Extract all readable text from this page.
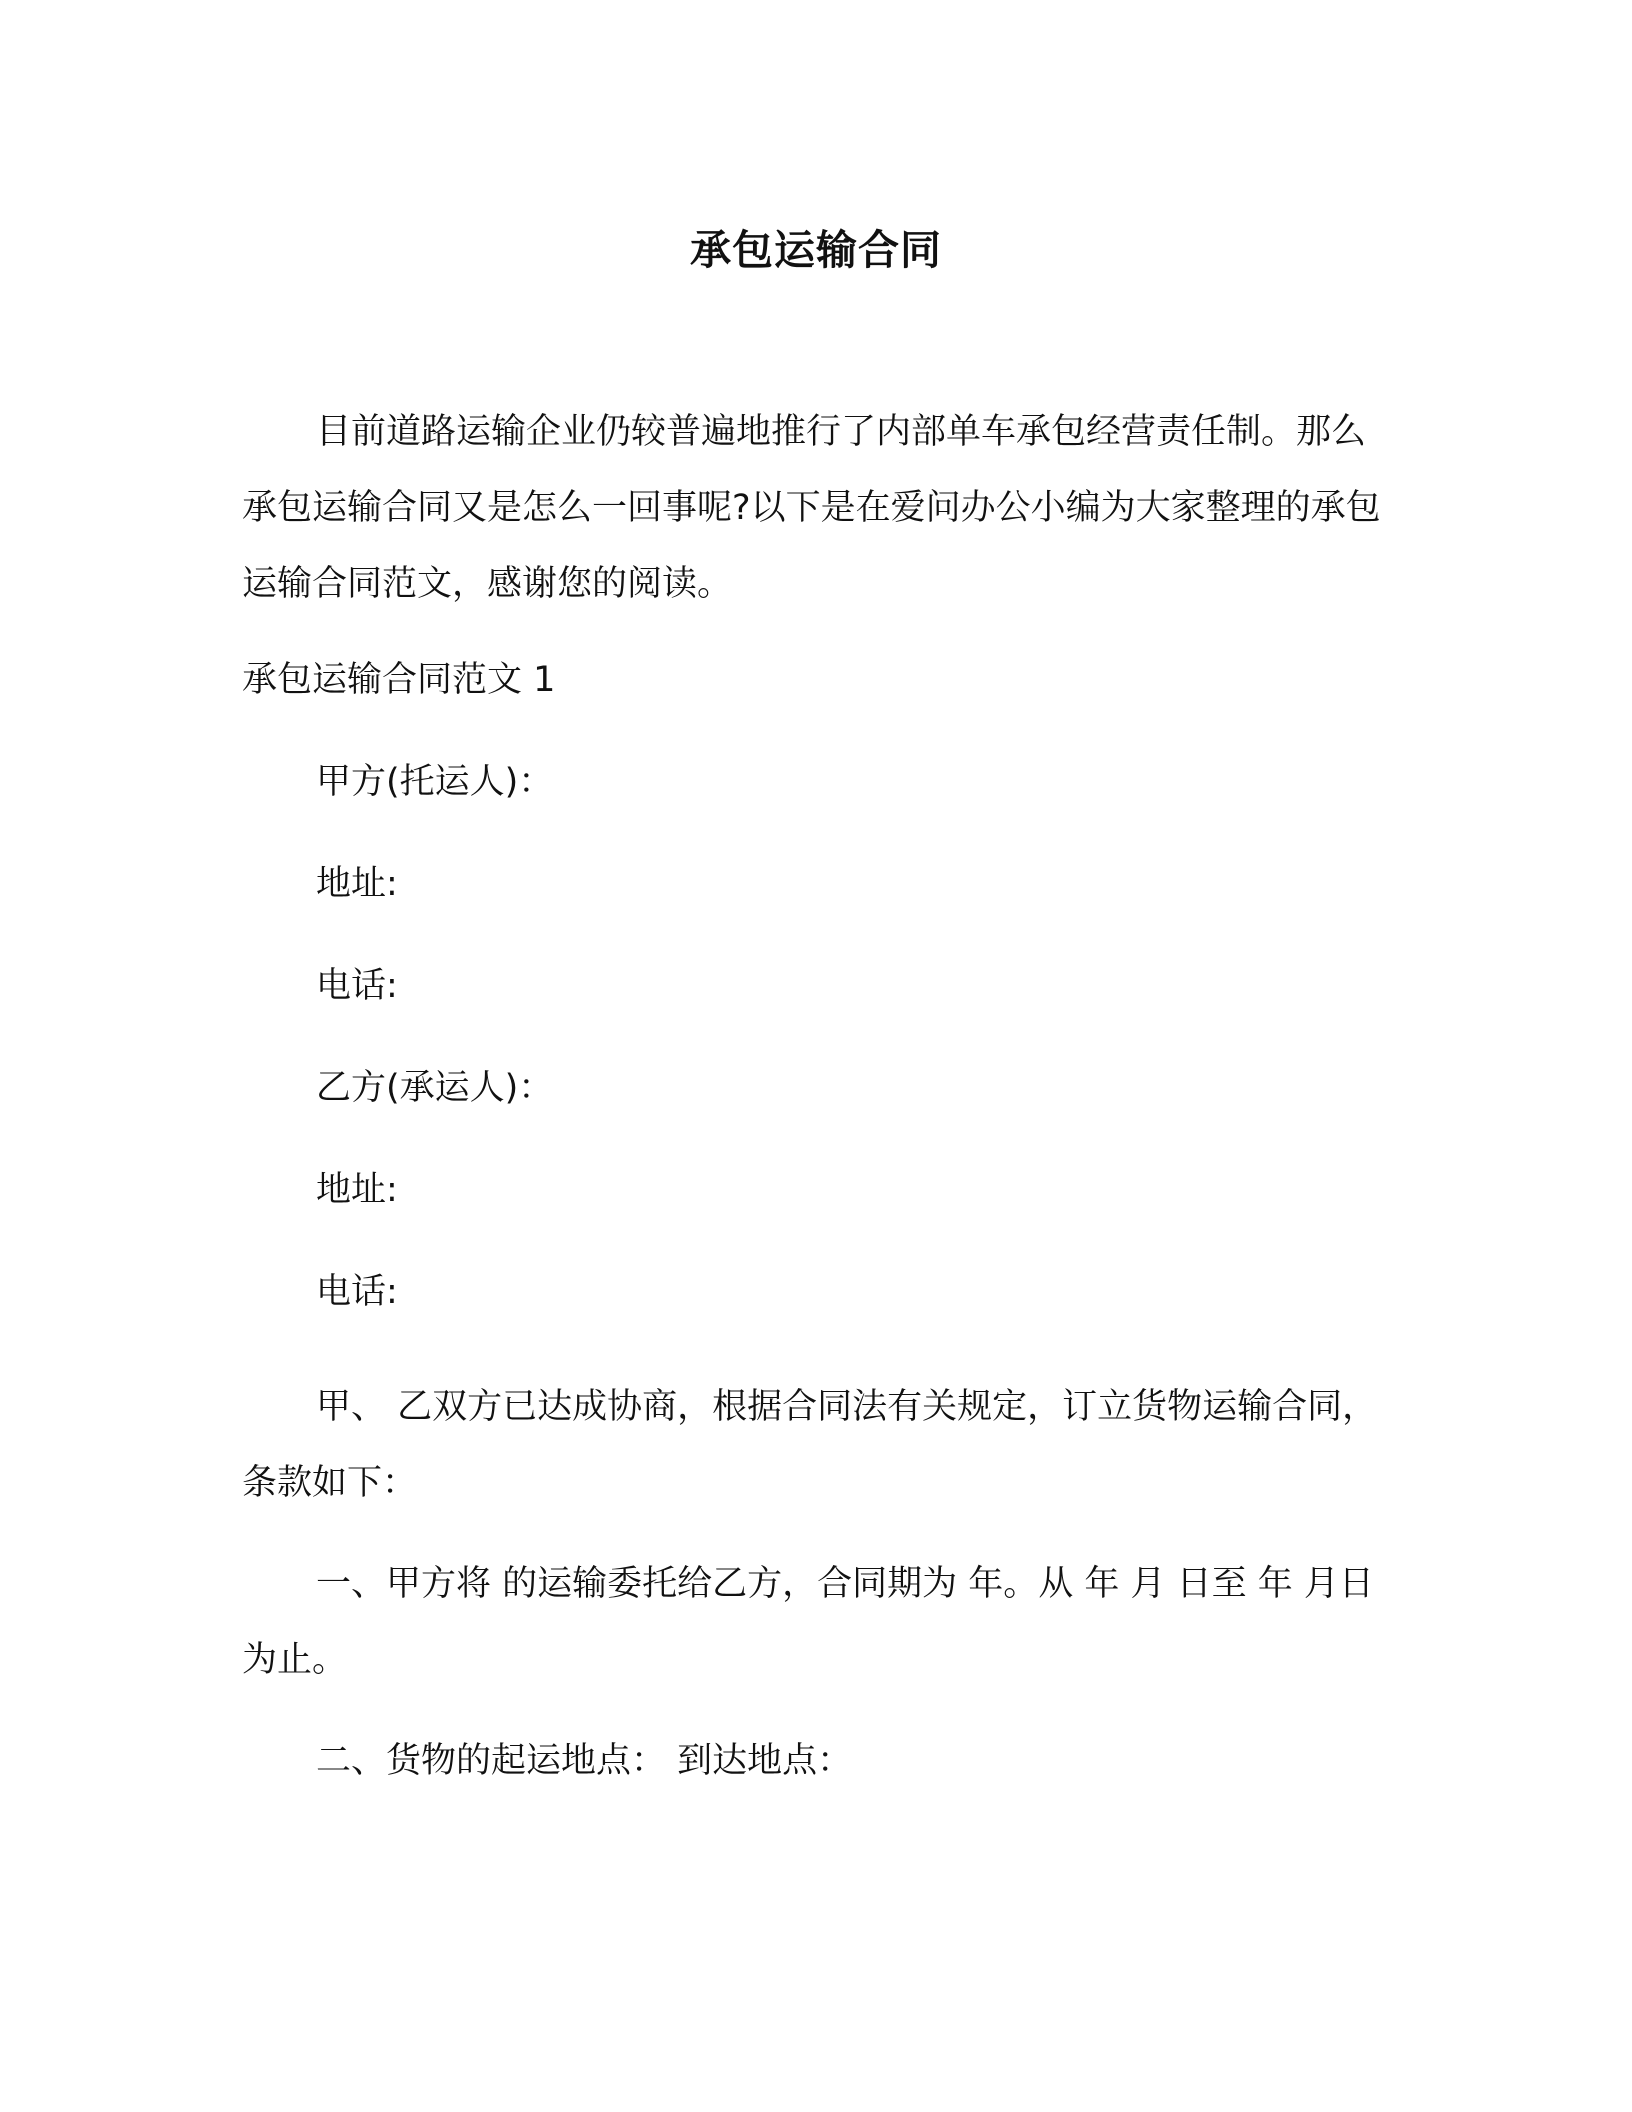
承包运输合同

目前道路运输企业仍较普遍地推行了内部单车承包经营责任制。那么承包运输合同又是怎么一回事呢?以下是在爱问办公小编为大家整理的承包运输合同范文，感谢您的阅读。

承包运输合同范文 1
甲方(托运人)：
地址:
电话:
乙方(承运人)：
地址:
电话:

甲、 乙双方已达成协商，根据合同法有关规定，订立货物运输合同，条款如下：

一、甲方将 的运输委托给乙方，合同期为 年。从 年 月 日至 年 月日为止。

二、货物的起运地点： 到达地点：
